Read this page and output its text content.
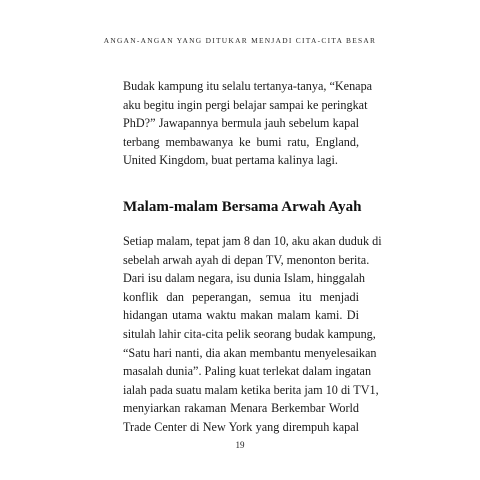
ANGAN-ANGAN YANG DITUKAR MENJADI CITA-CITA BESAR
Budak kampung itu selalu tertanya-tanya, “Kenapa
aku begitu ingin pergi belajar sampai ke peringkat
PhD?” Jawapannya bermula jauh sebelum kapal
terbang membawanya ke bumi ratu, England,
United Kingdom, buat pertama kalinya lagi.
Malam-malam Bersama Arwah Ayah
Setiap malam, tepat jam 8 dan 10, aku akan duduk di
sebelah arwah ayah di depan TV, menonton berita.
Dari isu dalam negara, isu dunia Islam, hinggalah
konflik dan peperangan, semua itu menjadi
hidangan utama waktu makan malam kami. Di
situlah lahir cita-cita pelik seorang budak kampung,
“Satu hari nanti, dia akan membantu menyelesaikan
masalah dunia”. Paling kuat terlekat dalam ingatan
ialah pada suatu malam ketika berita jam 10 di TV1,
menyiarkan rakaman Menara Berkembar World
Trade Center di New York yang dirempuh kapal
19
